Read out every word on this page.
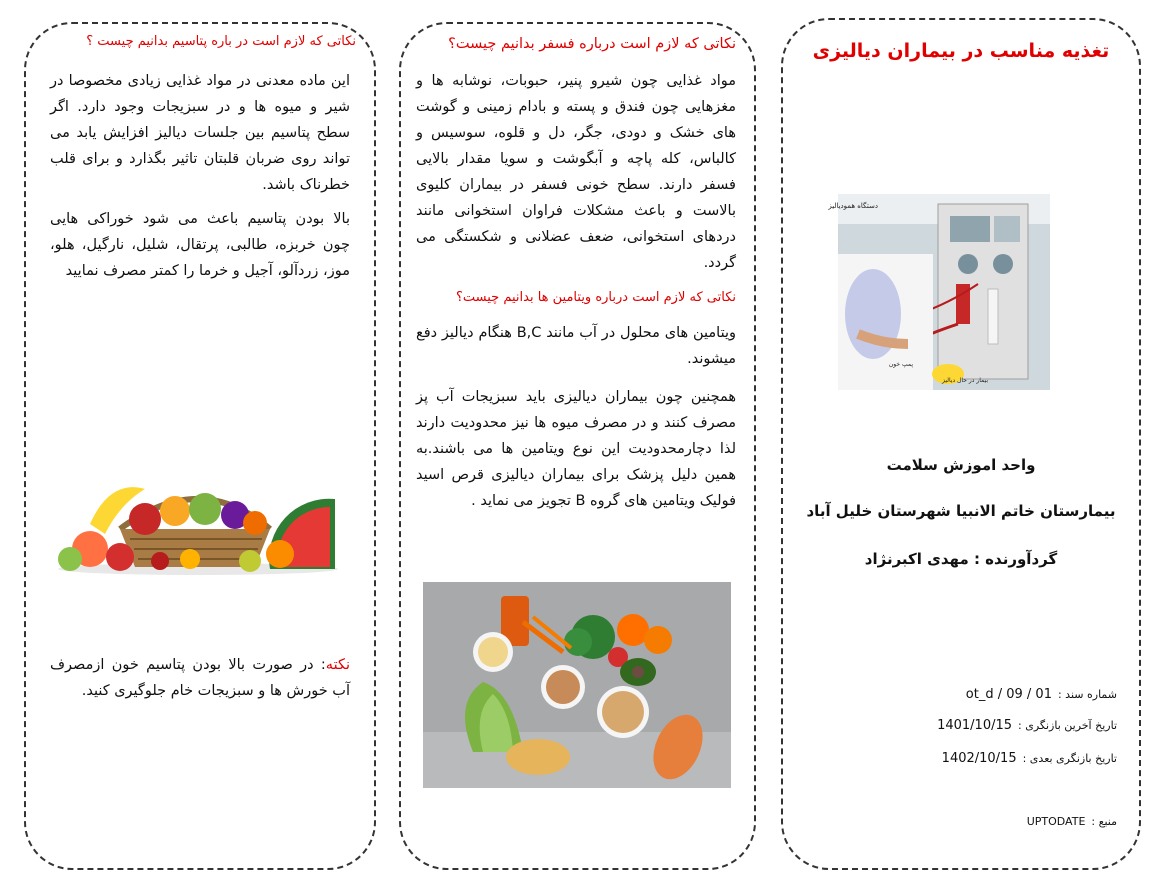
نکاتی که لازم است در باره پتاسیم بدانیم چیست ؟

این ماده معدنی در مواد غذایی زیادی مخصوصا در شیر و میوه ها و در سبزیجات وجود دارد. اگر سطح پتاسیم بین جلسات دیالیز افزایش یابد می تواند روی ضربان قلبتان تاثیر بگذارد و برای قلب خطرناک باشد.

بالا بودن پتاسیم باعث می شود خوراکی هایی چون خربزه، طالبی، پرتقال، شلیل، نارگیل، هلو، موز، زردآلو، آجیل و خرما را کمتر مصرف نمایید

نکته: در صورت بالا بودن پتاسیم خون ازمصرف آب خورش ها و سبزیجات خام جلوگیری کنید.

نکاتی که لازم است درباره فسفر بدانیم چیست؟

مواد غذایی چون شیرو پنیر، حبوبات، نوشابه ها و مغزهایی چون فندق و پسته و بادام زمینی و گوشت های خشک و دودی، جگر، دل و قلوه، سوسیس و کالباس، کله پاچه و آبگوشت و سویا مقدار بالایی فسفر دارند. سطح خونی فسفر در بیماران کلیوی بالاست و باعث مشکلات فراوان استخوانی مانند دردهای استخوانی، ضعف عضلانی و شکستگی می گردد.

نکاتی که لازم است درباره ویتامین ها بدانیم چیست؟

ویتامین های محلول در آب مانند B,C هنگام دیالیز دفع میشوند.

همچنین چون بیماران دیالیزی باید سبزیجات آب پز مصرف کنند و در مصرف میوه ها نیز محدودیت دارند لذا دچارمحدودیت این نوع ویتامین ها می باشند.به همین دلیل پزشک برای بیماران دیالیزی قرص اسید فولیک ویتامین های گروه B تجویز می نماید .

تغذیه مناسب در بیماران دیالیزی
دستگاه همودیالیز
پمپ خون
بیمار در حال دیالیز
واحد اموزش سلامت
بیمارستان خاتم الانبیا شهرستان خلیل آباد
گردآورنده : مهدی اکبرنژاد
شماره سند :ot_d / 09 / 01
تاریخ آخرین بازنگری :1401/10/15
تاریخ بازنگری بعدی :1402/10/15
منبع :UPTODATE
